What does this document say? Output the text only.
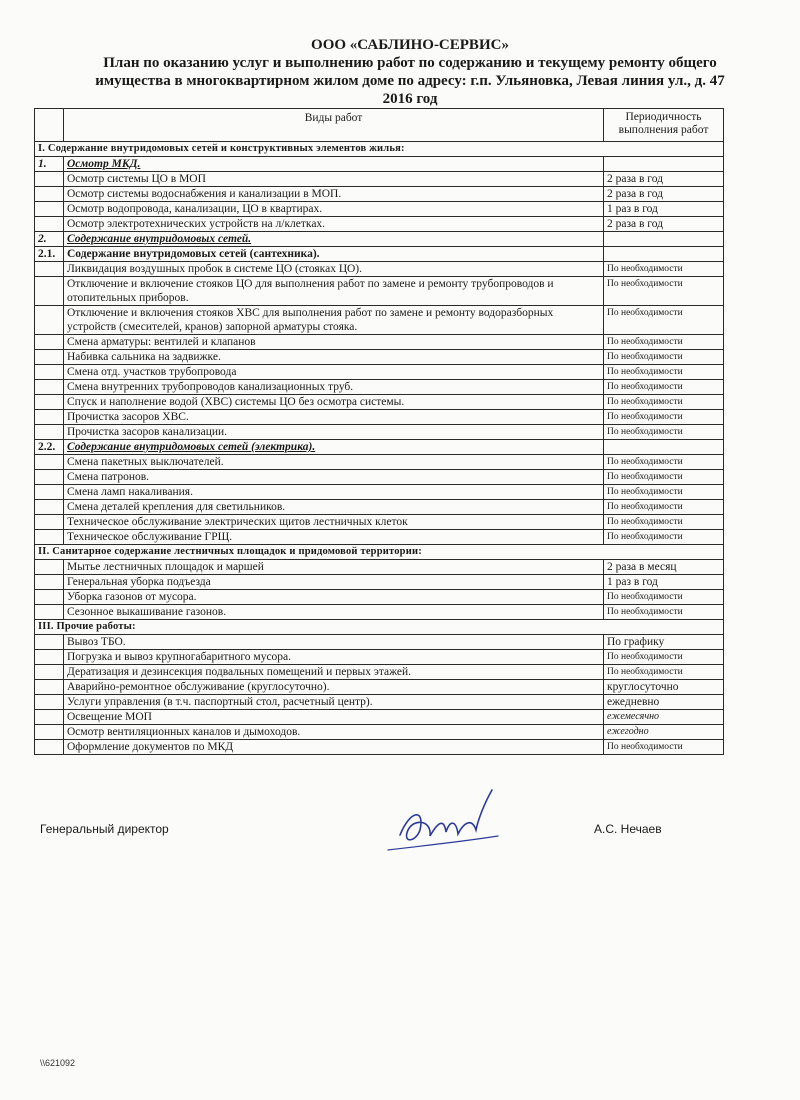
ООО «САБЛИНО-СЕРВИС»
План по оказанию услуг и выполнению работ по содержанию и текущему ремонту общего
имущества в многоквартирном жилом доме по адресу: г.п. Ульяновка, Левая линия ул., д. 47
2016 год
	Виды работ	Периодичность выполнения работ
I. Содержание внутридомовых сетей и конструктивных элементов жилья:		
1.	Осмотр МКД.	
	Осмотр системы ЦО в МОП	2 раза в год
	Осмотр системы водоснабжения и канализации в МОП.	2 раза в год
	Осмотр водопровода, канализации, ЦО в квартирах.	1 раз в год
	Осмотр электротехнических устройств на л/клетках.	2 раза в год
2.	Содержание внутридомовых сетей.	
2.1.	Содержание внутридомовых сетей (сантехника).	
	Ликвидация воздушных пробок в системе ЦО (стояках ЦО).	По необходимости
	Отключение и включение стояков ЦО для выполнения работ по замене и ремонту трубопроводов и отопительных приборов.	По необходимости
	Отключение и включения стояков ХВС для выполнения работ по замене и ремонту водоразборных устройств (смесителей, кранов) запорной арматуры стояка.	По необходимости
	Смена арматуры: вентилей и клапанов	По необходимости
	Набивка сальника на задвижке.	По необходимости
	Смена отд. участков трубопровода	По необходимости
	Смена внутренних трубопроводов канализационных труб.	По необходимости
	Спуск и наполнение водой (ХВС) системы ЦО без осмотра системы.	По необходимости
	Прочистка засоров ХВС.	По необходимости
	Прочистка засоров канализации.	По необходимости
2.2.	Содержание внутридомовых сетей (электрика).	
	Смена пакетных выключателей.	По необходимости
	Смена патронов.	По необходимости
	Смена ламп накаливания.	По необходимости
	Смена деталей крепления для светильников.	По необходимости
	Техническое обслуживание электрических щитов лестничных клеток	По необходимости
	Техническое обслуживание ГРЩ.	По необходимости
II. Санитарное содержание лестничных площадок и придомовой территории:		
	Мытье лестничных площадок и маршей	2 раза в месяц
	Генеральная уборка подъезда	1 раз в год
	Уборка газонов от мусора.	По необходимости
	Сезонное выкашивание газонов.	По необходимости
III. Прочие работы:		
	Вывоз ТБО.	По графику
	Погрузка и вывоз крупногабаритного мусора.	По необходимости
	Дератизация и дезинсекция подвальных помещений и первых этажей.	По необходимости
	Аварийно-ремонтное обслуживание (круглосуточно).	круглосуточно
	Услуги управления (в т.ч. паспортный стол, расчетный центр).	ежедневно
	Освещение МОП	ежемесячно
	Осмотр вентиляционных каналов и дымоходов.	ежегодно
	Оформление документов по МКД	По необходимости
Генеральный директор	А.С. Нечаев
\\621092
